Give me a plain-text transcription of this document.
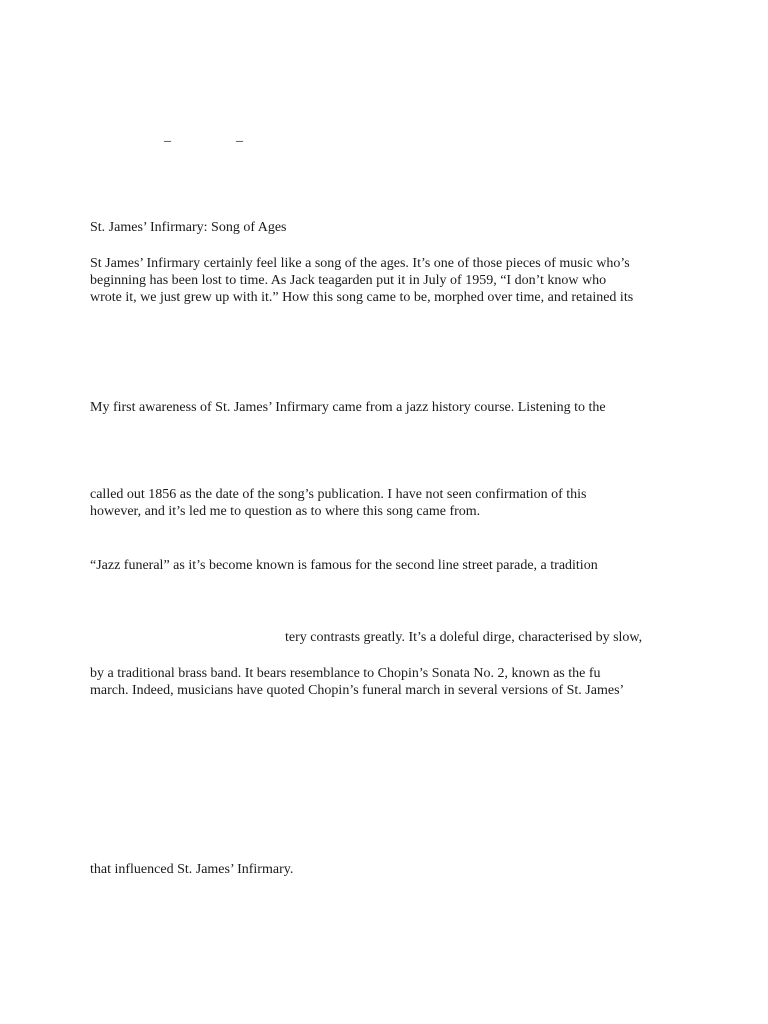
_	_

St. James’ Infirmary: Song of Ages

St James’ Infirmary certainly feel like a song of the ages. It’s one of those pieces of music who’s

beginning has been lost to time. As Jack teagarden put it in July of 1959, “I don’t know who

wrote it, we just grew up with it.” How this song came to be, morphed over time, and retained its

My first awareness of St. James’ Infirmary came from a jazz history course. Listening to the

called out 1856 as the date of the song’s publication. I have not seen confirmation of this

however, and it’s led me to question as to where this song came from.

“Jazz funeral” as it’s become known is famous for the second line street parade, a tradition

tery contrasts greatly. It’s a doleful dirge, characterised by slow,

by a traditional brass band. It bears resemblance to Chopin’s Sonata No. 2, known as the fu

march. Indeed, musicians have quoted Chopin’s funeral march in several versions of St. James’

that influenced St. James’ Infirmary.
